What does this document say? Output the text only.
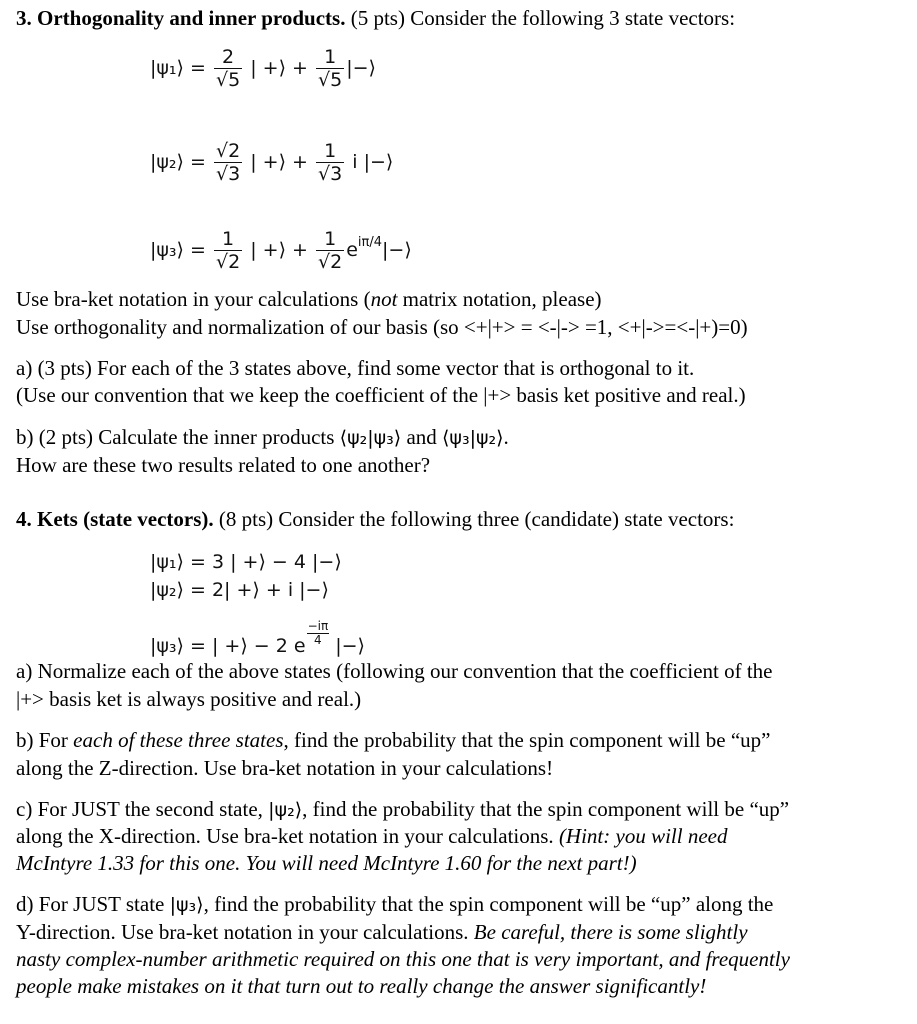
3. Orthogonality and inner products. (5 pts) Consider the following 3 state vectors:
|ψ₁⟩ = $\frac{2}{√5}$ | +⟩ + $\frac{1}{√5}$ |−⟩
|ψ₂⟩ = $\frac{√2}{√3}$ | +⟩ + $\frac{1}{√3}$ i |−⟩
|ψ₃⟩ = $\frac{1}{√2}$ | +⟩ + $\frac{1}{√2}$ $e^{i\pi/4}|-⟩$
Use bra-ket notation in your calculations (not matrix notation, please)
Use orthogonality and normalization of our basis (so <+|+> = <-|-> =1, <+|->=<-|+)=0)
a) (3 pts) For each of the 3 states above, find some vector that is orthogonal to it.
(Use our convention that we keep the coefficient of the |+> basis ket positive and real.)
b) (2 pts) Calculate the inner products ⟨ψ₂|ψ₃⟩ and ⟨ψ₃|ψ₂⟩.
How are these two results related to one another?
4. Kets (state vectors). (8 pts) Consider the following three (candidate) state vectors:
|ψ₁⟩ = 3 | +⟩ − 4 |−⟩
|ψ₂⟩ = 2| +⟩ + i |−⟩
|ψ₃⟩ = | +⟩ − 2 e $\frac{-i\pi}{4}$ |−⟩
a) Normalize each of the above states (following our convention that the coefficient of the
|+> basis ket is always positive and real.)
b) For each of these three states, find the probability that the spin component will be “up”
along the Z-direction. Use bra-ket notation in your calculations!
c) For JUST the second state, |ψ₂⟩, find the probability that the spin component will be “up”
along the X-direction. Use bra-ket notation in your calculations. (Hint: you will need
McIntyre 1.33 for this one. You will need McIntyre 1.60 for the next part!)
d) For JUST state |ψ₃⟩, find the probability that the spin component will be “up” along the
Y-direction. Use bra-ket notation in your calculations. Be careful, there is some slightly
nasty complex-number arithmetic required on this one that is very important, and frequently
people make mistakes on it that turn out to really change the answer significantly!
